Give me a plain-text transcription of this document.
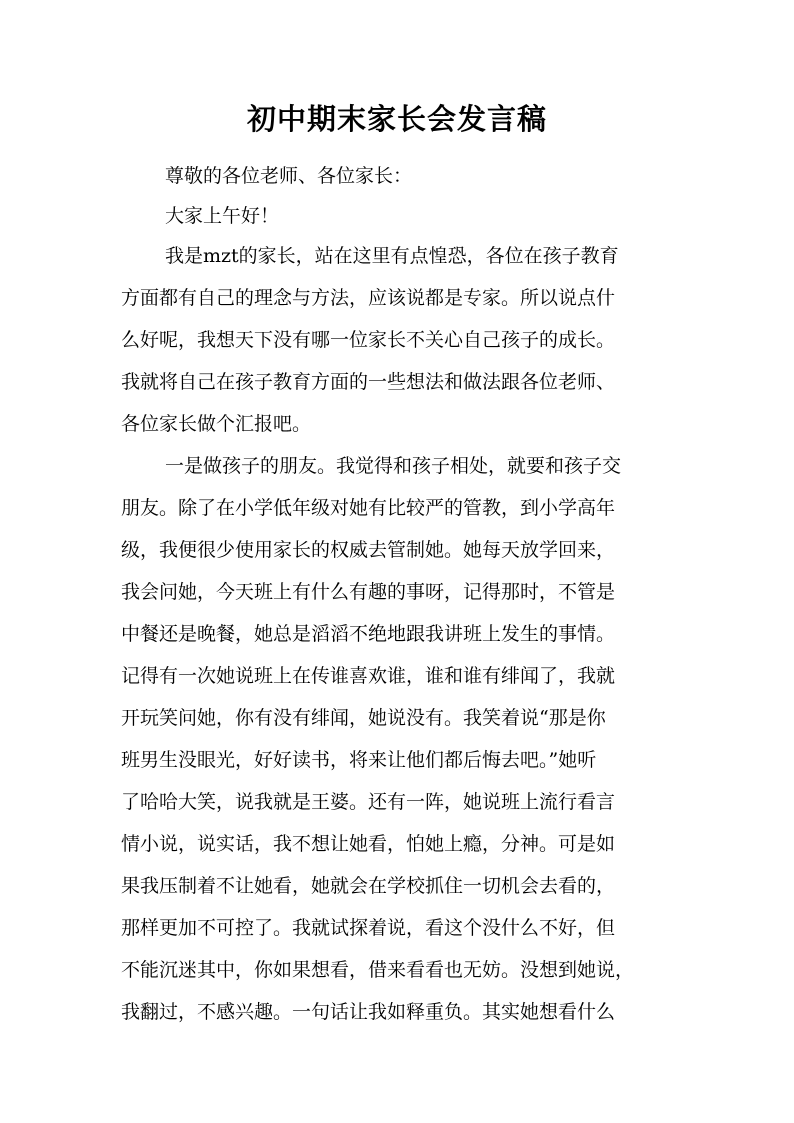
初中期末家长会发言稿
尊敬的各位老师、各位家长：
大家上午好！
我是mzt的家长，站在这里有点惶恐，各位在孩子教育
方面都有自己的理念与方法，应该说都是专家。所以说点什
么好呢，我想天下没有哪一位家长不关心自己孩子的成长。
我就将自己在孩子教育方面的一些想法和做法跟各位老师、
各位家长做个汇报吧。
一是做孩子的朋友。我觉得和孩子相处，就要和孩子交
朋友。除了在小学低年级对她有比较严的管教，到小学高年
级，我便很少使用家长的权威去管制她。她每天放学回来，
我会问她，今天班上有什么有趣的事呀，记得那时，不管是
中餐还是晚餐，她总是滔滔不绝地跟我讲班上发生的事情。
记得有一次她说班上在传谁喜欢谁，谁和谁有绯闻了，我就
开玩笑问她，你有没有绯闻，她说没有。我笑着说“那是你
班男生没眼光，好好读书，将来让他们都后悔去吧。”她听
了哈哈大笑，说我就是王婆。还有一阵，她说班上流行看言
情小说，说实话，我不想让她看，怕她上瘾，分神。可是如
果我压制着不让她看，她就会在学校抓住一切机会去看的，
那样更加不可控了。我就试探着说，看这个没什么不好，但
不能沉迷其中，你如果想看，借来看看也无妨。没想到她说，
我翻过，不感兴趣。一句话让我如释重负。其实她想看什么
